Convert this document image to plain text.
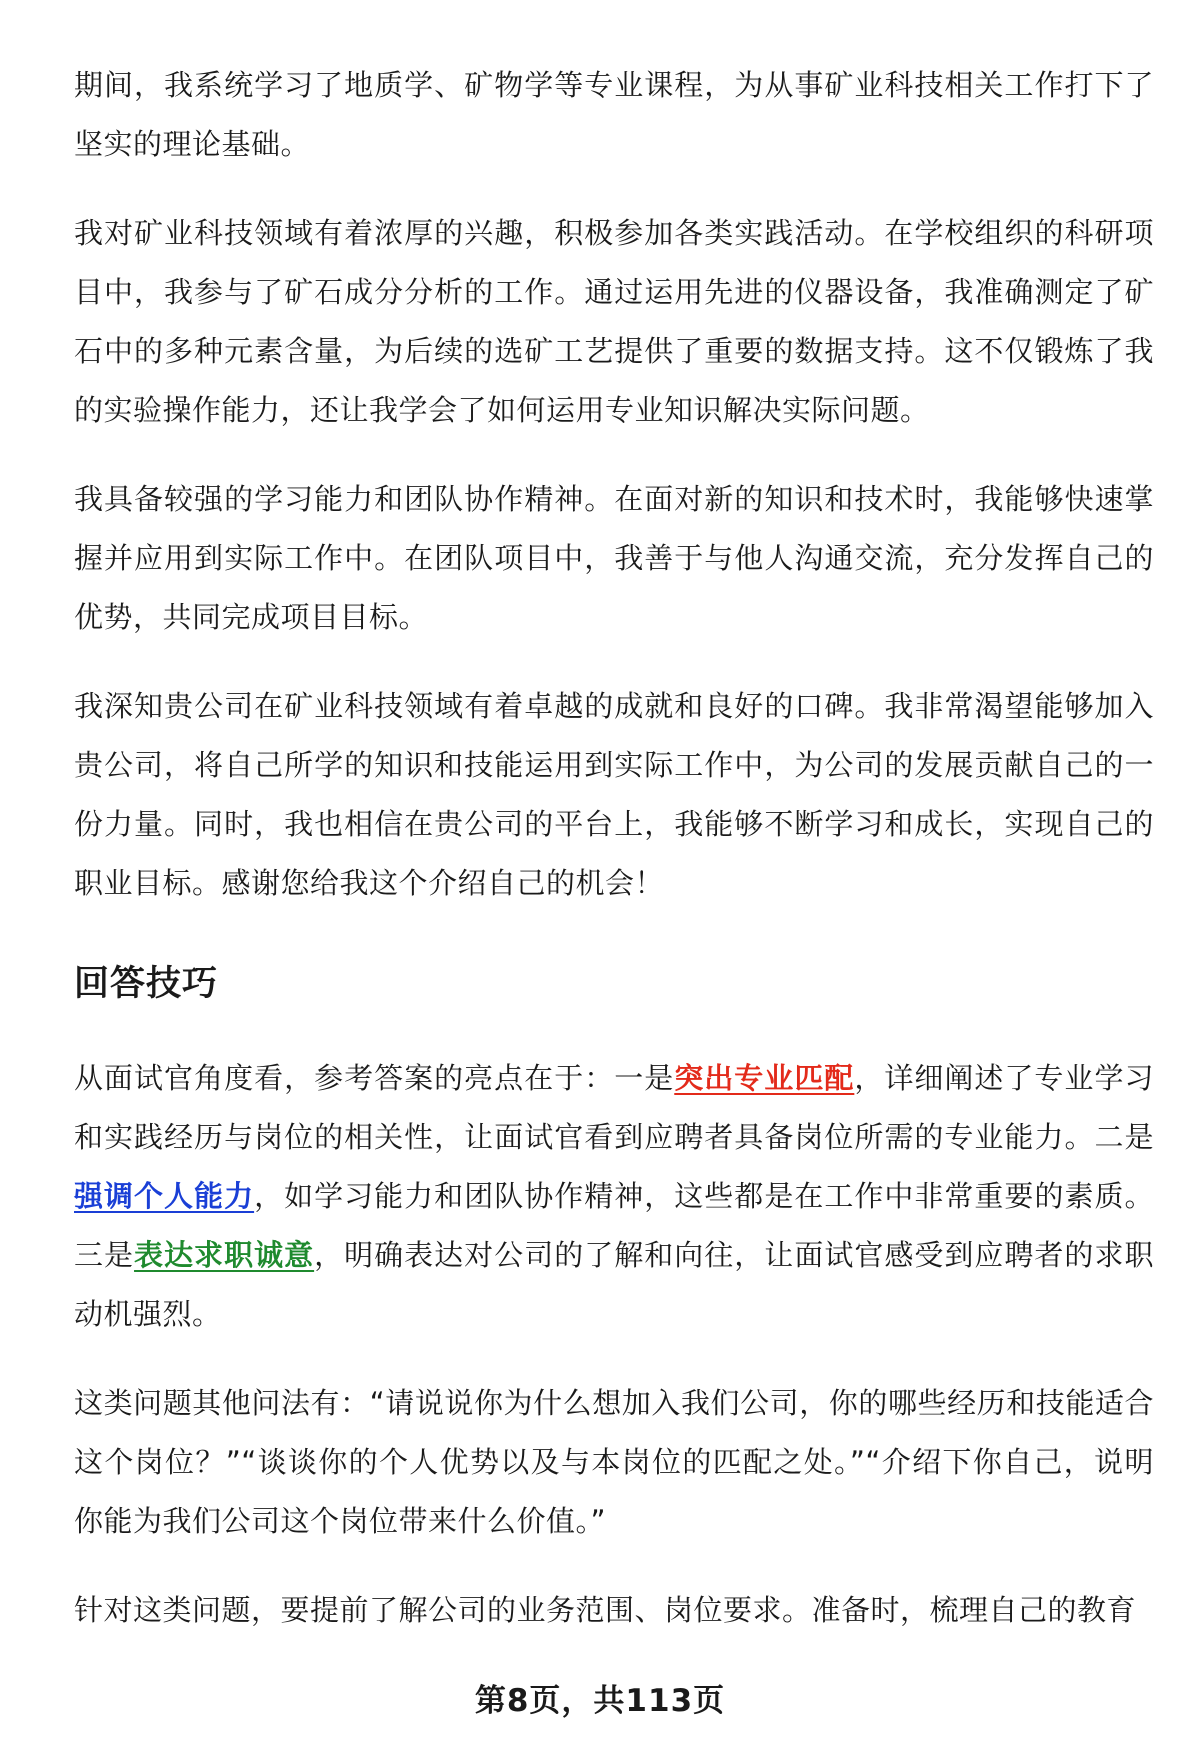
期间，我系统学习了地质学、矿物学等专业课程，为从事矿业科技相关工作打下了坚实的理论基础。

我对矿业科技领域有着浓厚的兴趣，积极参加各类实践活动。在学校组织的科研项目中，我参与了矿石成分分析的工作。通过运用先进的仪器设备，我准确测定了矿石中的多种元素含量，为后续的选矿工艺提供了重要的数据支持。这不仅锻炼了我的实验操作能力，还让我学会了如何运用专业知识解决实际问题。

我具备较强的学习能力和团队协作精神。在面对新的知识和技术时，我能够快速掌握并应用到实际工作中。在团队项目中，我善于与他人沟通交流，充分发挥自己的优势，共同完成项目目标。

我深知贵公司在矿业科技领域有着卓越的成就和良好的口碑。我非常渴望能够加入贵公司，将自己所学的知识和技能运用到实际工作中，为公司的发展贡献自己的一份力量。同时，我也相信在贵公司的平台上，我能够不断学习和成长，实现自己的职业目标。感谢您给我这个介绍自己的机会！

回答技巧

从面试官角度看，参考答案的亮点在于：一是突出专业匹配，详细阐述了专业学习和实践经历与岗位的相关性，让面试官看到应聘者具备岗位所需的专业能力。二是强调个人能力，如学习能力和团队协作精神，这些都是在工作中非常重要的素质。三是表达求职诚意，明确表达对公司的了解和向往，让面试官感受到应聘者的求职动机强烈。

这类问题其他问法有：“请说说你为什么想加入我们公司，你的哪些经历和技能适合这个岗位？”“谈谈你的个人优势以及与本岗位的匹配之处。”“介绍下你自己，说明你能为我们公司这个岗位带来什么价值。”

针对这类问题，要提前了解公司的业务范围、岗位要求。准备时，梳理自己的教育

第8页，共113页
